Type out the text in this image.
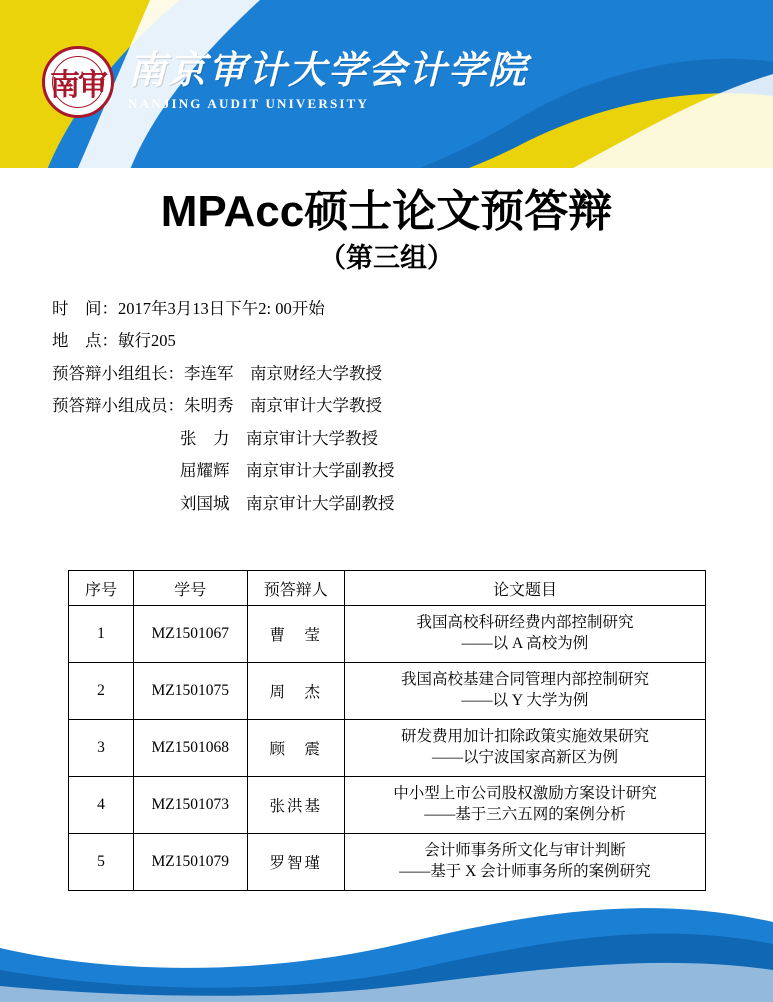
南审 南京审计大学会计学院
NANJING AUDIT UNIVERSITY
MPAcc硕士论文预答辩
（第三组）
时　间：2017年3月13日下午2: 00开始
地　点：敏行205
预答辩小组组长：李连军　南京财经大学教授
预答辩小组成员：朱明秀　南京审计大学教授
张　力　南京审计大学教授
屈耀辉　南京审计大学副教授
刘国城　南京审计大学副教授
序号	学号	预答辩人	论文题目
1	MZ1501067	曹　莹	我国高校科研经费内部控制研究
——以 A 高校为例

2	MZ1501075	周　杰	我国高校基建合同管理内部控制研究
——以 Y 大学为例

3	MZ1501068	顾　震	研发费用加计扣除政策实施效果研究
——以宁波国家高新区为例

4	MZ1501073	张洪基	中小型上市公司股权激励方案设计研究
——基于三六五网的案例分析

5	MZ1501079	罗智瑾	会计师事务所文化与审计判断
——基于 X 会计师事务所的案例研究
